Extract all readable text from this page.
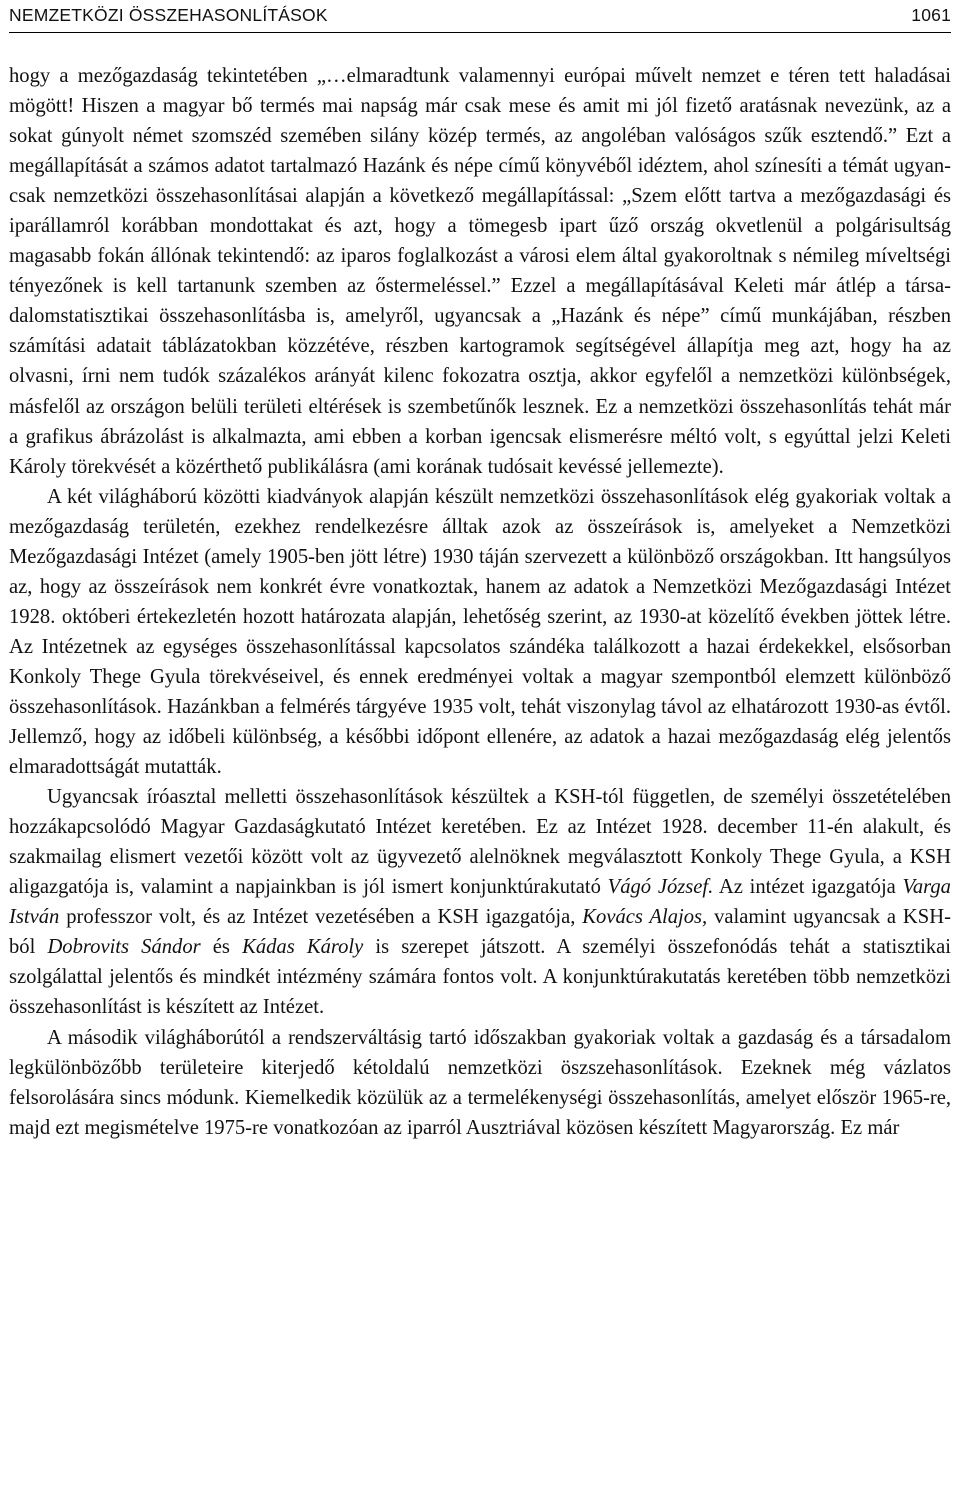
NEMZETKÖZI ÖSSZEHASONLÍTÁSOK	1061

hogy a mezőgazdaság tekintetében „…elmaradtunk valamennyi európai művelt nemzet e téren tett haladásai mögött! Hiszen a magyar bő termés mai napság már csak mese és amit mi jól fizető aratásnak nevezünk, az a sokat gúnyolt német szomszéd szemében silány közép termés, az angoléban valóságos szűk esztendő.” Ezt a megállapítását a számos adatot tartalmazó Hazánk és népe című könyvéből idéztem, ahol színesíti a témát ugyancsak nemzetközi összehasonlításai alapján a következő megállapítással: „Szem előtt tartva a mezőgazdasági és iparállamról korábban mondottakat és azt, hogy a tömegesb ipart űző ország okvetlenül a polgárisultság magasabb fokán állónak tekintendő: az iparos foglalkozást a városi elem által gyakoroltnak s némileg míveltségi tényezőnek is kell tartanunk szemben az őstermeléssel.” Ezzel a megállapításával Keleti már átlép a társadalomstatisztikai összehasonlításba is, amelyről, ugyancsak a „Hazánk és népe” című munkájában, részben számítási adatait táblázatokban közzétéve, részben kartogramok segítségével állapítja meg azt, hogy ha az olvasni, írni nem tudók százalékos arányát kilenc fokozatra osztja, akkor egyfelől a nemzetközi különbségek, másfelől az országon belüli területi eltérések is szembetűnők lesznek. Ez a nemzetközi összehasonlítás tehát már a grafikus ábrázolást is alkalmazta, ami ebben a korban igencsak elismerésre méltó volt, s egyúttal jelzi Keleti Károly törekvését a közérthető publikálásra (ami korának tudósait kevéssé jellemezte).

A két világháború közötti kiadványok alapján készült nemzetközi összehasonlítások elég gyakoriak voltak a mezőgazdaság területén, ezekhez rendelkezésre álltak azok az összeírások is, amelyeket a Nemzetközi Mezőgazdasági Intézet (amely 1905-ben jött létre) 1930 táján szervezett a különböző országokban. Itt hangsúlyos az, hogy az összeírások nem konkrét évre vonatkoztak, hanem az adatok a Nemzetközi Mezőgazdasági Intézet 1928. októberi értekezletén hozott határozata alapján, lehetőség szerint, az 1930-at közelítő években jöttek létre. Az Intézetnek az egységes összehasonlítással kapcsolatos szándéka találkozott a hazai érdekekkel, elsősorban Konkoly Thege Gyula törekvéseivel, és ennek eredményei voltak a magyar szempontból elemzett különböző összehasonlítások. Hazánkban a felmérés tárgyéve 1935 volt, tehát viszonylag távol az elhatározott 1930-as évtől. Jellemző, hogy az időbeli különbség, a későbbi időpont ellenére, az adatok a hazai mezőgazdaság elég jelentős elmaradottságát mutatták.

Ugyancsak íróasztal melletti összehasonlítások készültek a KSH-tól független, de személyi összetételében hozzákapcsolódó Magyar Gazdaságkutató Intézet keretében. Ez az Intézet 1928. december 11-én alakult, és szakmailag elismert vezetői között volt az ügyvezető alelnöknek megválasztott Konkoly Thege Gyula, a KSH aligazgatója is, valamint a napjainkban is jól ismert konjunktúrakutató Vágó József. Az intézet igazgatója Varga István professzor volt, és az Intézet vezetésében a KSH igazgatója, Kovács Alajos, valamint ugyancsak a KSH-ból Dobrovits Sándor és Kádas Károly is szerepet játszott. A személyi összefonódás tehát a statisztikai szolgálattal jelentős és mindkét intézmény számára fontos volt. A konjunktúrakutatás keretében több nemzetközi összehasonlítást is készített az Intézet.

A második világháborútól a rendszerváltásig tartó időszakban gyakoriak voltak a gazdaság és a társadalom legkülönbözőbb területeire kiterjedő kétoldalú nemzetközi öszszehasonlítások. Ezeknek még vázlatos felsorolására sincs módunk. Kiemelkedik közülük az a termelékenységi összehasonlítás, amelyet először 1965-re, majd ezt megismételve 1975-re vonatkozóan az iparról Ausztriával közösen készített Magyarország. Ez már
